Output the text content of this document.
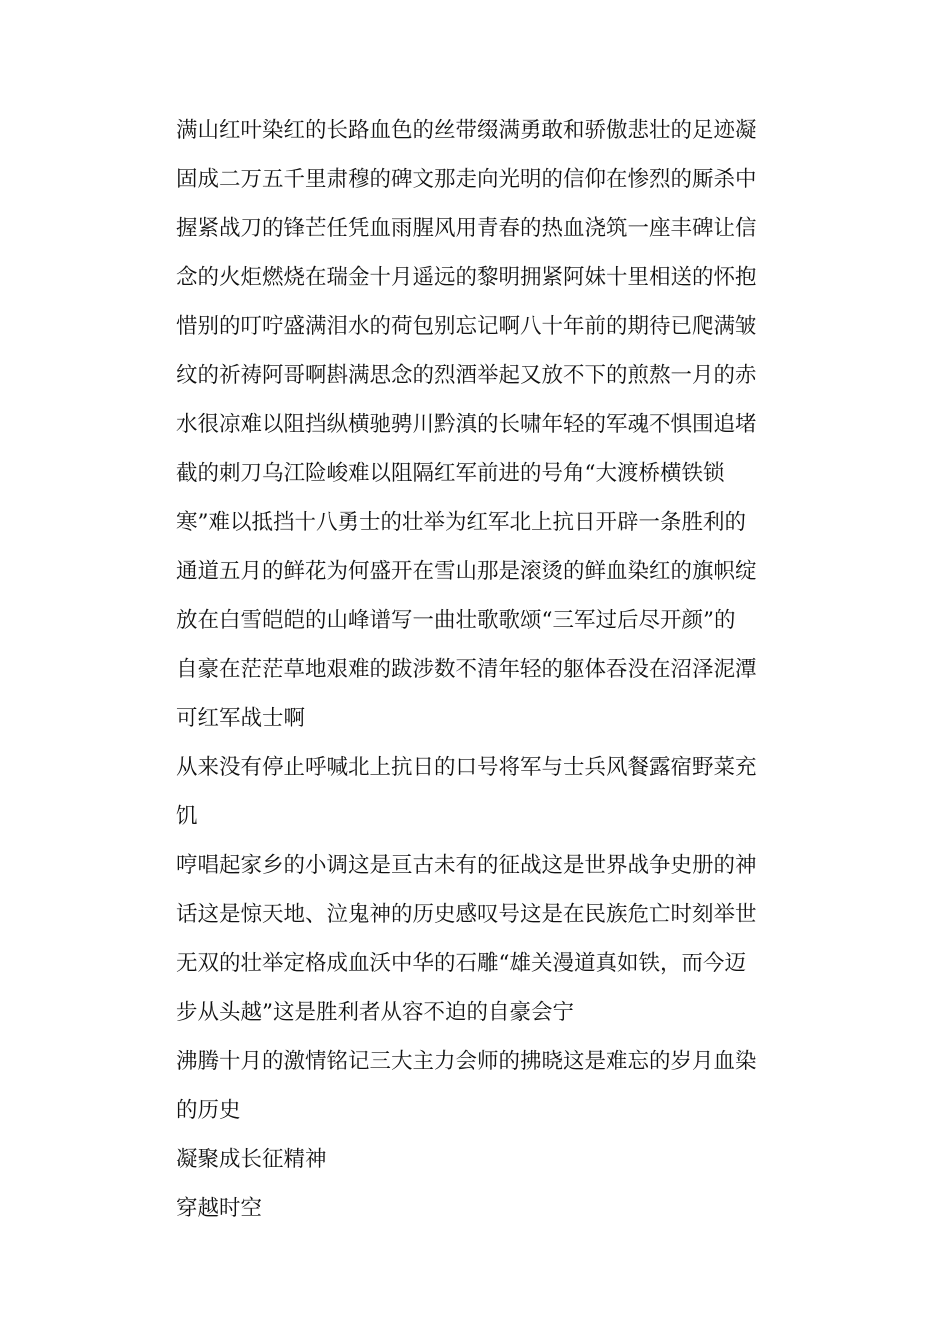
满山红叶染红的长路血色的丝带缀满勇敢和骄傲悲壮的足迹凝
固成二万五千里肃穆的碑文那走向光明的信仰在惨烈的厮杀中
握紧战刀的锋芒任凭血雨腥风用青春的热血浇筑一座丰碑让信
念的火炬燃烧在瑞金十月遥远的黎明拥紧阿妹十里相送的怀抱
惜别的叮咛盛满泪水的荷包别忘记啊八十年前的期待已爬满皱
纹的祈祷阿哥啊斟满思念的烈酒举起又放不下的煎熬一月的赤
水很凉难以阻挡纵横驰骋川黔滇的长啸年轻的军魂不惧围追堵
截的刺刀乌江险峻难以阻隔红军前进的号角“大渡桥横铁锁
寒”难以抵挡十八勇士的壮举为红军北上抗日开辟一条胜利的
通道五月的鲜花为何盛开在雪山那是滚烫的鲜血染红的旗帜绽
放在白雪皑皑的山峰谱写一曲壮歌歌颂“三军过后尽开颜”的
自豪在茫茫草地艰难的跋涉数不清年轻的躯体吞没在沼泽泥潭
可红军战士啊
从来没有停止呼喊北上抗日的口号将军与士兵风餐露宿野菜充
饥
哼唱起家乡的小调这是亘古未有的征战这是世界战争史册的神
话这是惊天地、泣鬼神的历史感叹号这是在民族危亡时刻举世
无双的壮举定格成血沃中华的石雕“雄关漫道真如铁，而今迈
步从头越”这是胜利者从容不迫的自豪会宁
沸腾十月的激情铭记三大主力会师的拂晓这是难忘的岁月血染
的历史
凝聚成长征精神
穿越时空
